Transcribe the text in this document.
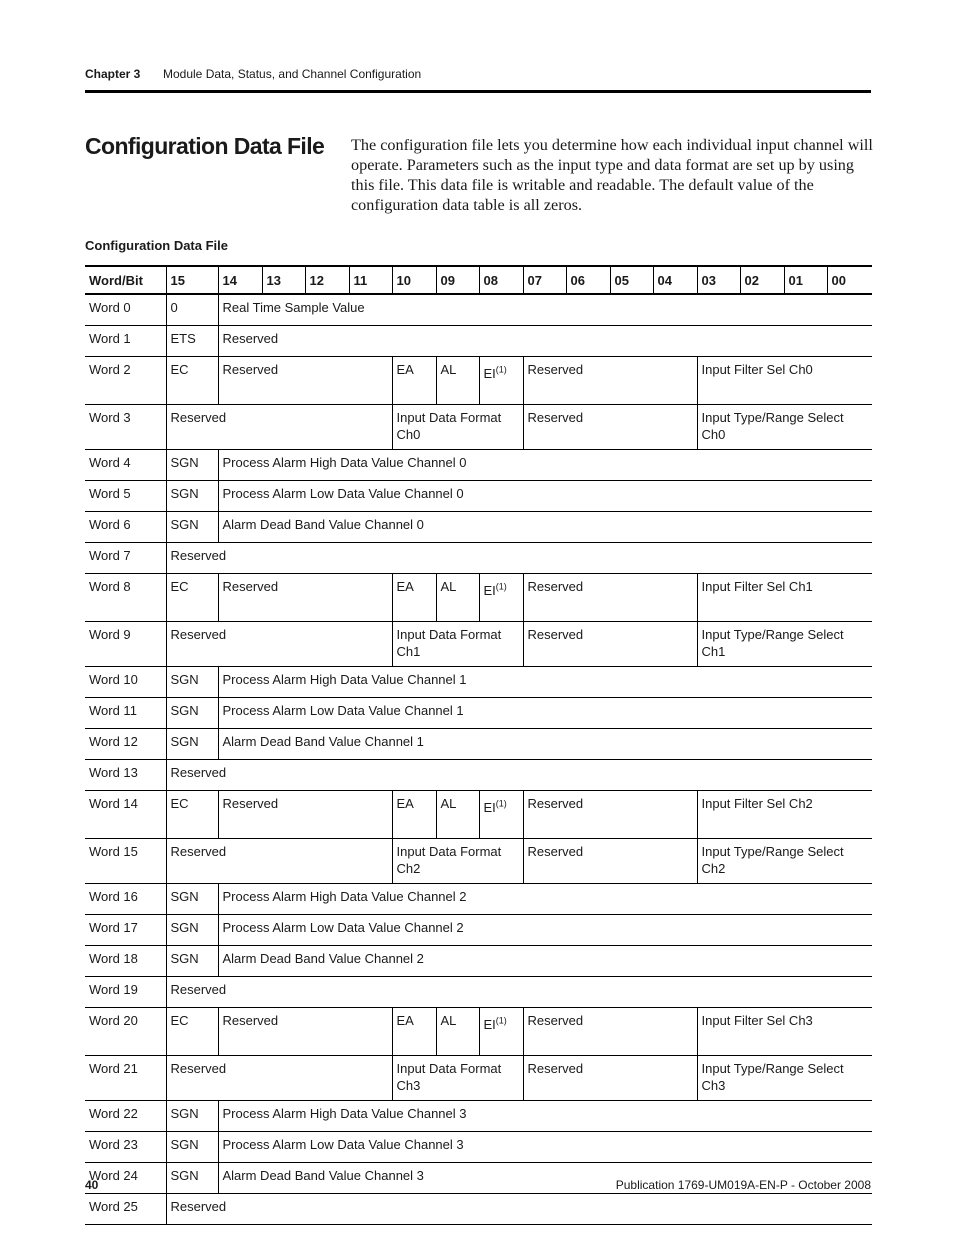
Chapter 3 Module Data, Status, and Channel Configuration
Configuration Data File The configuration file lets you determine how each individual input channel will operate. Parameters such as the input type and data format are set up by using this file. This data file is writable and readable. The default value of the configuration data table is all zeros.

Configuration Data File
Word/Bit	15	14	13	12	11	10	09	08	07	06	05	04	03	02	01	00
Word 0	0	Real Time Sample Value														
Word 1	ETS	Reserved														
Word 2	EC	Reserved				EA	AL	EI$^{(1)}$	Reserved				Input Filter Sel Ch0			
Word 3	Reserved					Input Data Format Ch0			Reserved				Input Type/Range Select Ch0			
Word 4	SGN	Process Alarm High Data Value Channel 0														
Word 5	SGN	Process Alarm Low Data Value Channel 0														
Word 6	SGN	Alarm Dead Band Value Channel 0														
Word 7	Reserved															
Word 8	EC	Reserved				EA	AL	EI$^{(1)}$	Reserved				Input Filter Sel Ch1			
Word 9	Reserved					Input Data Format Ch1			Reserved				Input Type/Range Select Ch1			
Word 10	SGN	Process Alarm High Data Value Channel 1														
Word 11	SGN	Process Alarm Low Data Value Channel 1														
Word 12	SGN	Alarm Dead Band Value Channel 1														
Word 13	Reserved															
Word 14	EC	Reserved				EA	AL	EI$^{(1)}$	Reserved				Input Filter Sel Ch2			
Word 15	Reserved					Input Data Format Ch2			Reserved				Input Type/Range Select Ch2			
Word 16	SGN	Process Alarm High Data Value Channel 2														
Word 17	SGN	Process Alarm Low Data Value Channel 2														
Word 18	SGN	Alarm Dead Band Value Channel 2														
Word 19	Reserved															
Word 20	EC	Reserved				EA	AL	EI$^{(1)}$	Reserved				Input Filter Sel Ch3			
Word 21	Reserved					Input Data Format Ch3			Reserved				Input Type/Range Select Ch3			
Word 22	SGN	Process Alarm High Data Value Channel 3														
Word 23	SGN	Process Alarm Low Data Value Channel 3														
Word 24	SGN	Alarm Dead Band Value Channel 3														
Word 25	Reserved															
40	Publication 1769-UM019A-EN-P - October 2008
